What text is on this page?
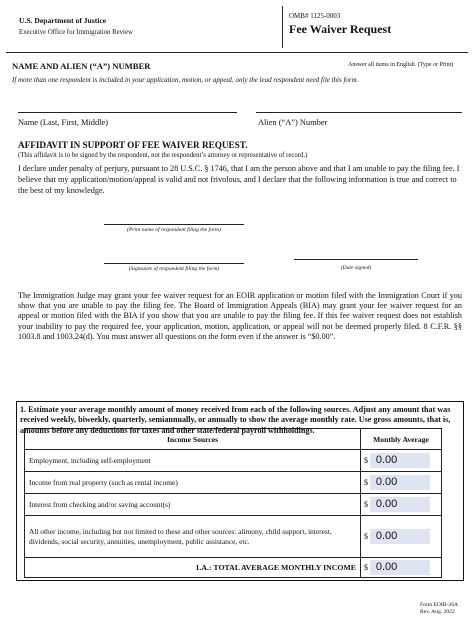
U.S. Department of Justice
Executive Office for Immigration Review
OMB# 1125-0003
Fee Waiver Request
NAME AND ALIEN (“A”) NUMBER	Answer all items in English. (Type or Print)
If more than one respondent is included in your application, motion, or appeal, only the lead respondent need file this form.
Name (Last, First, Middle)	Alien (“A”) Number
AFFIDAVIT IN SUPPORT OF FEE WAIVER REQUEST.
(This affidavit is to be signed by the respondent, not the respondent’s attorney or representative of record.)
I declare under penalty of perjury, pursuant to 28 U.S.C. § 1746, that I am the person above and that I am unable to pay the filing fee. I believe that my application/motion/appeal is valid and not frivolous, and I declare that the following information is true and correct to the best of my knowledge.
(Print name of respondent filing the form)
(Signature of respondent filing the form)	(Date signed)
The Immigration Judge may grant your fee waiver request for an EOIR application or motion filed with the Immigration Court if you show that you are unable to pay the filing fee. The Board of Immigration Appeals (BIA) may grant your fee waiver request for an appeal or motion filed with the BIA if you show that you are unable to pay the filing fee. If this fee waiver request does not establish your inability to pay the required fee, your application, motion, application, or appeal will not be deemed properly filed. 8 C.F.R. §§ 1003.8 and 1003.24(d). You must answer all questions on the form even if the answer is “$0.00”.
1. Estimate your average monthly amount of money received from each of the following sources. Adjust any amount that was received weekly, biweekly, quarterly, semiannually, or annually to show the average monthly rate. Use gross amounts, that is, amounts before any deductions for taxes and other state/federal payroll withholdings.
Income Sources	Monthly Average
Employment, including self-employment	$ 0.00
Income from real property (such as rental income)	$ 0.00
Interest from checking and/or saving account(s)	$ 0.00
All other income, including but not limited to these and other sources: alimony, child support, interest, dividends, social security, annuities, unemployment, public assistance, etc.	$ 0.00
1.A.: TOTAL AVERAGE MONTHLY INCOME	$ 0.00
Form EOIR-26A
Rev. Aug. 2022
